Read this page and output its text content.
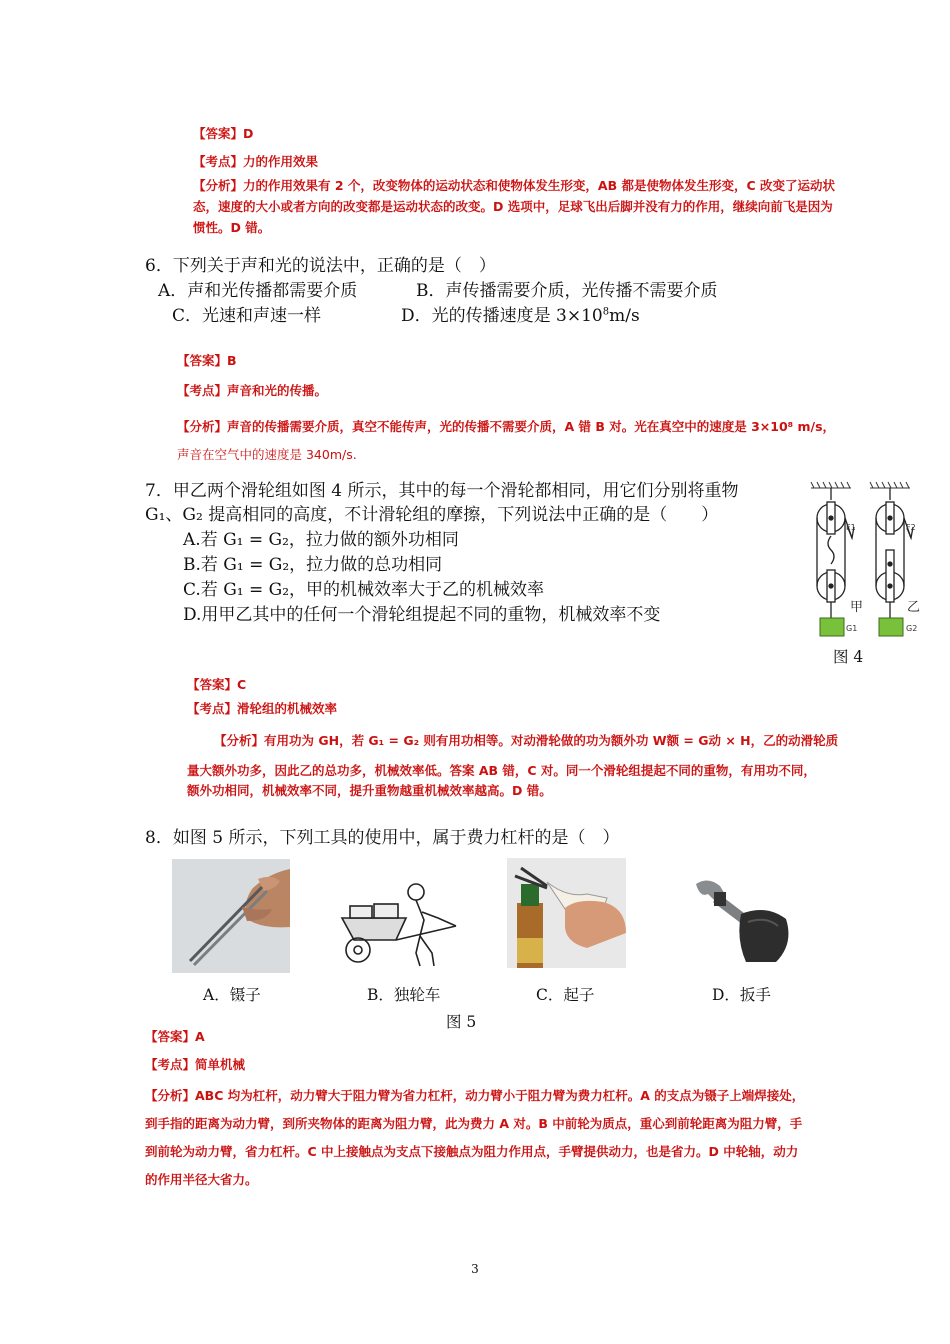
【答案】D
【考点】力的作用效果
【分析】力的作用效果有 2 个，改变物体的运动状态和使物体发生形变，AB 都是使物体发生形变，C 改变了运动状态，速度的大小或者方向的改变都是运动状态的改变。D 选项中，足球飞出后脚并没有力的作用，继续向前飞是因为惯性。D 错。
6．下列关于声和光的说法中，正确的是（　）
A．声和光传播都需要介质	B．声传播需要介质，光传播不需要介质
C．光速和声速一样	D．光的传播速度是 $3\times 10^8m/s$
【答案】B
【考点】声音和光的传播。
【分析】声音的传播需要介质，真空不能传声，光的传播不需要介质，A 错 B 对。光在真空中的速度是 3×10⁸ m/s，
声音在空气中的速度是 340m/s.
7．甲乙两个滑轮组如图 4 所示，其中的每一个滑轮都相同，用它们分别将重物
G₁、G₂ 提高相同的高度，不计滑轮组的摩擦，下列说法中正确的是（　　）
A.若 G₁ = G₂，拉力做的额外功相同
B.若 G₁ = G₂，拉力做的总功相同
C.若 G₁ = G₂，甲的机械效率大于乙的机械效率
D.用甲乙其中的任何一个滑轮组提起不同的重物，机械效率不变
F1
甲
G1
F2
乙
G2
图 4
【答案】C
【考点】滑轮组的机械效率
【分析】有用功为 GH，若 G₁ = G₂ 则有用功相等。对动滑轮做的功为额外功 W额 = G动 × H，乙的动滑轮质
量大额外功多，因此乙的总功多，机械效率低。答案 AB 错，C 对。同一个滑轮组提起不同的重物，有用功不同，
额外功相同，机械效率不同，提升重物越重机械效率越高。D 错。
8．如图 5 所示，下列工具的使用中，属于费力杠杆的是（　）
A．镊子	B．独轮车	C．起子	D．扳手
图 5
【答案】A
【考点】简单机械
【分析】ABC 均为杠杆，动力臂大于阻力臂为省力杠杆，动力臂小于阻力臂为费力杠杆。A 的支点为镊子上端焊接处，到手指的距离为动力臂，到所夹物体的距离为阻力臂，此为费力 A 对。B 中前轮为质点，重心到前轮距离为阻力臂，手到前轮为动力臂，省力杠杆。C 中上接触点为支点下接触点为阻力作用点，手臂提供动力，也是省力。D 中轮轴，动力的作用半径大省力。
3
